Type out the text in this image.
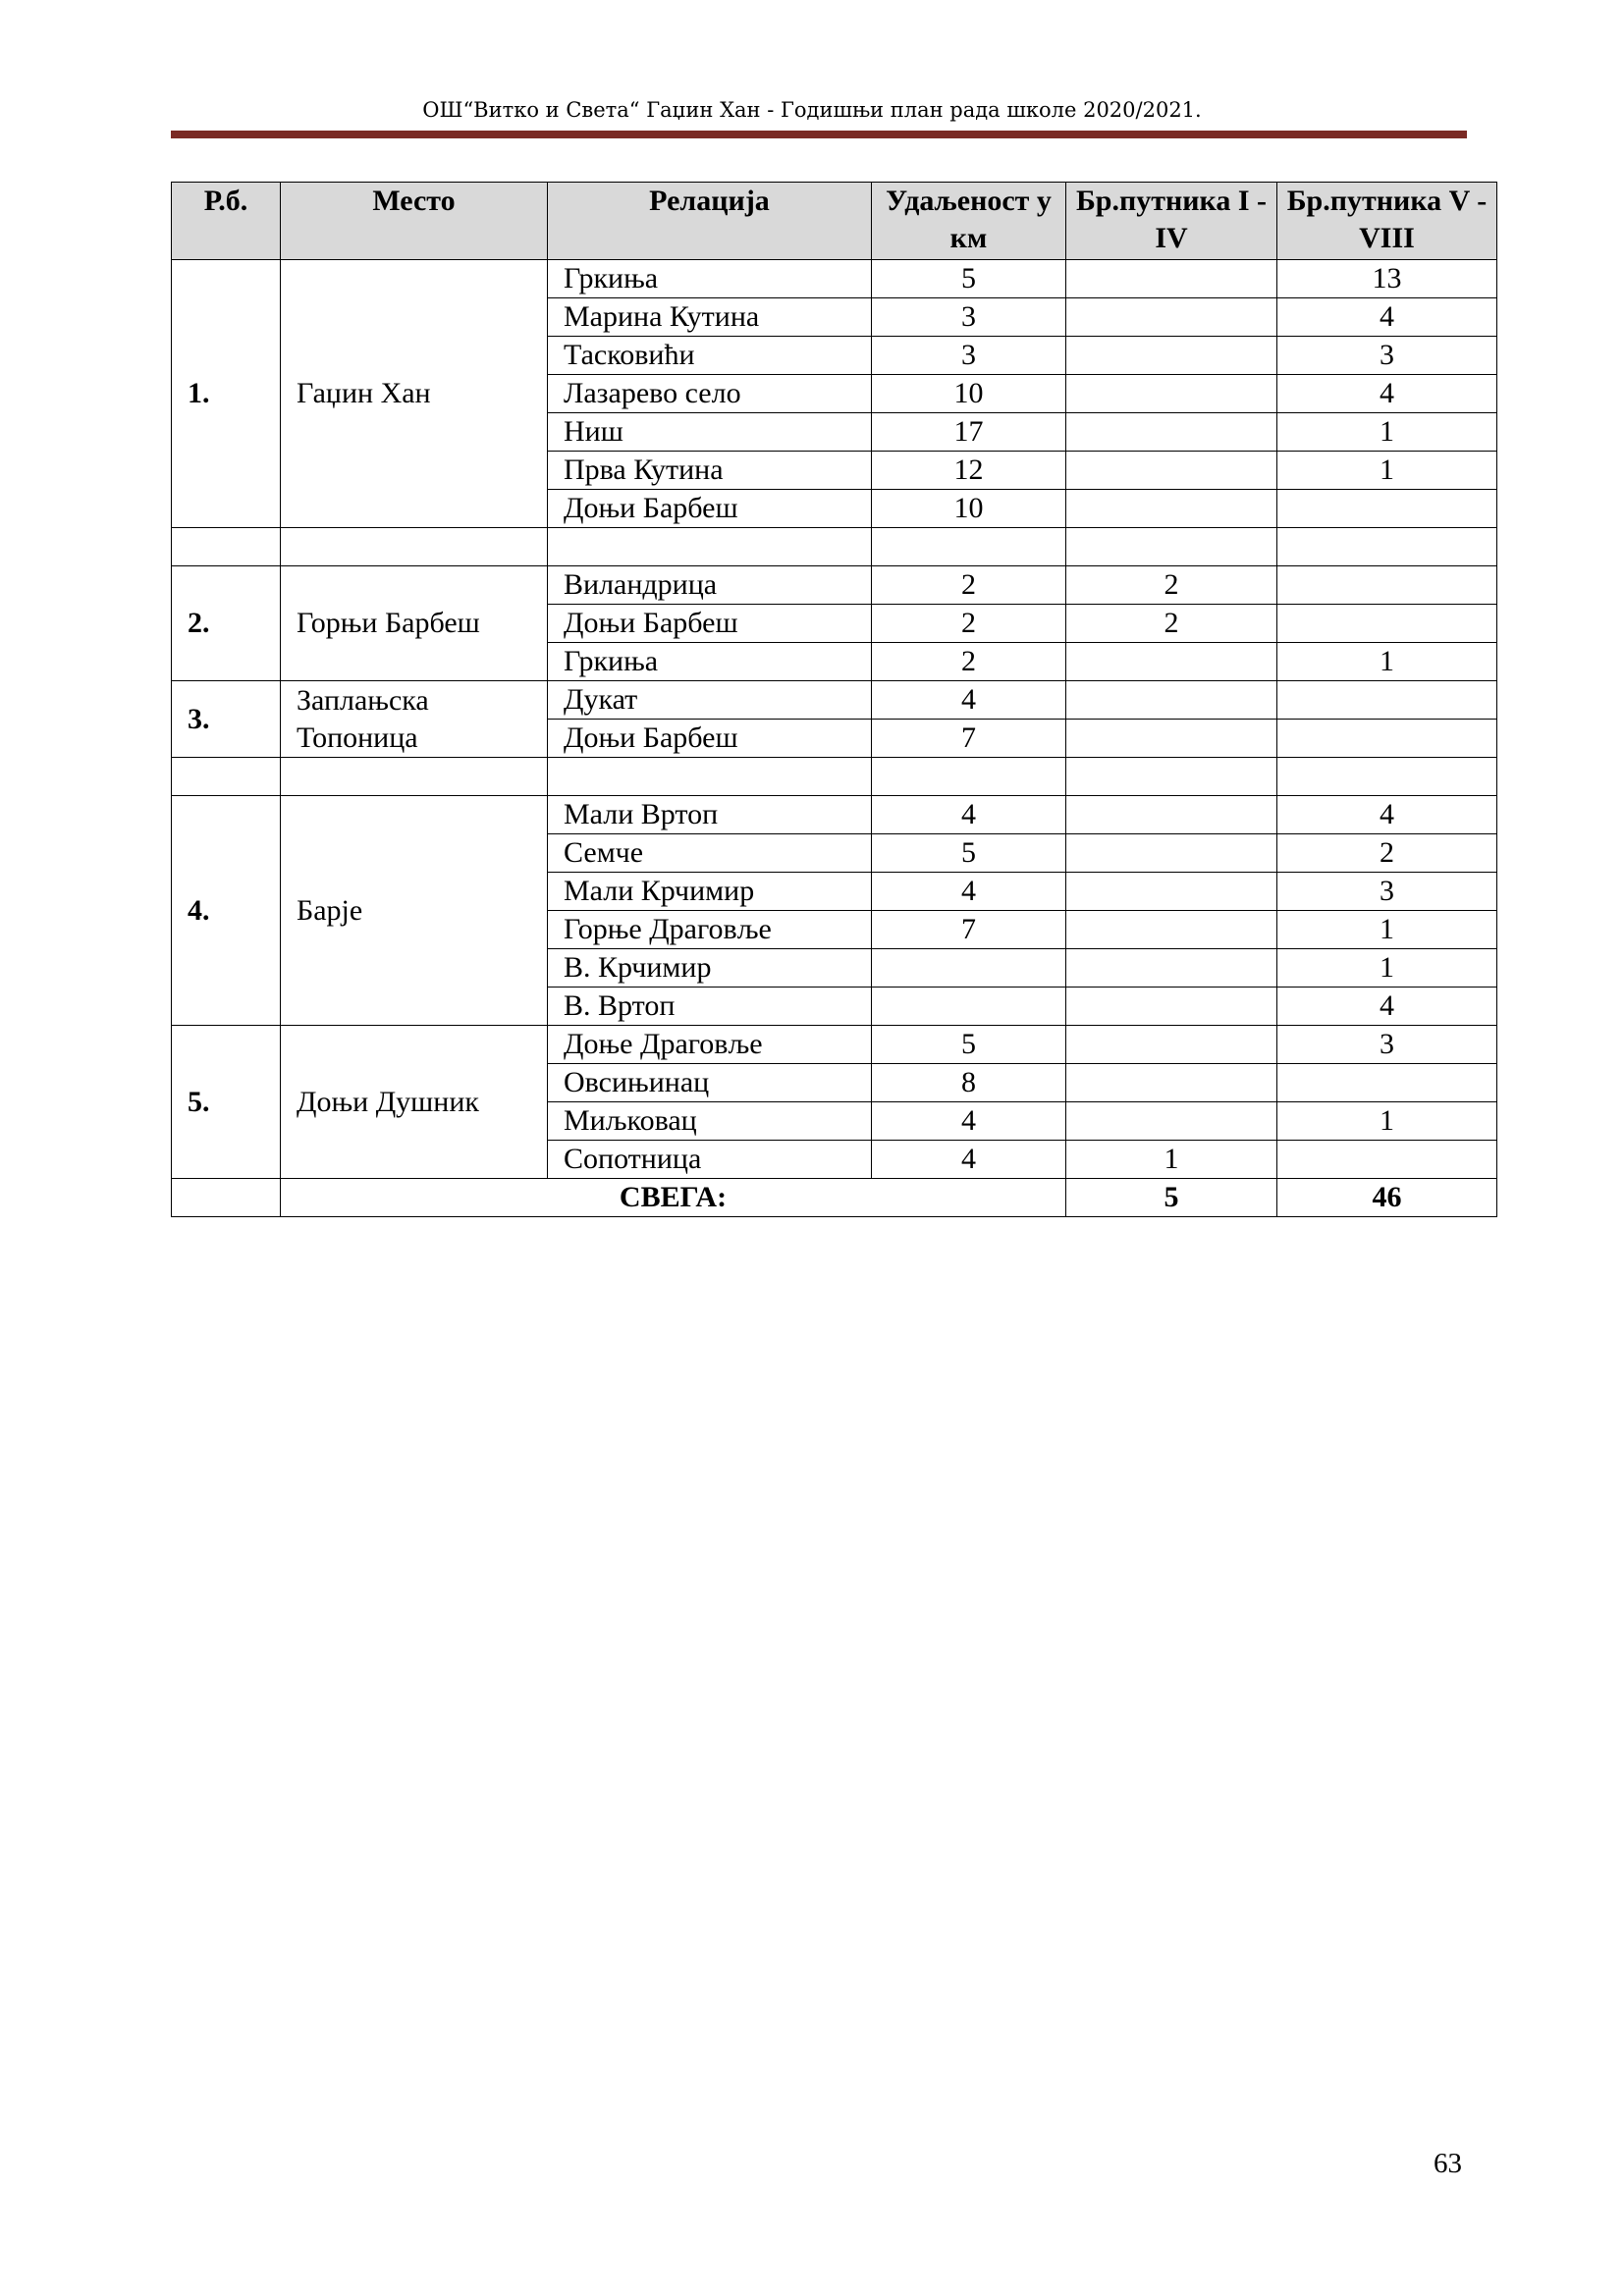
ОШ“Витко и Света“ Гаџин Хан - Годишњи план рада школе 2020/2021.
Р.б.	Место	Релација	Удаљеност у км	Бр.путника I - IV	Бр.путника V - VIII
1.	Гаџин Хан	Гркиња	5		13
		Марина Кутина	3		4
		Тасковићи	3		3
		Лазарево село	10		4
		Ниш	17		1
		Прва Кутина	12		1
		Доњи Барбеш	10		

2.	Горњи Барбеш	Виландрица	2	2	
		Доњи Барбеш	2	2	
		Гркиња	2		1
3.	Заплањска Топоница	Дукат	4		
		Доњи Барбеш	7		

4.	Барје	Мали Вртоп	4		4
		Семче	5		2
		Мали Крчимир	4		3
		Горње Драговље	7		1
		В. Крчимир			1
		В. Вртоп			4
5.	Доњи Душник	Доње Драговље	5		3
		Овсињинац	8		
		Миљковац	4		1
		Сопотница	4	1	
	СВЕГА:			5	46
63
